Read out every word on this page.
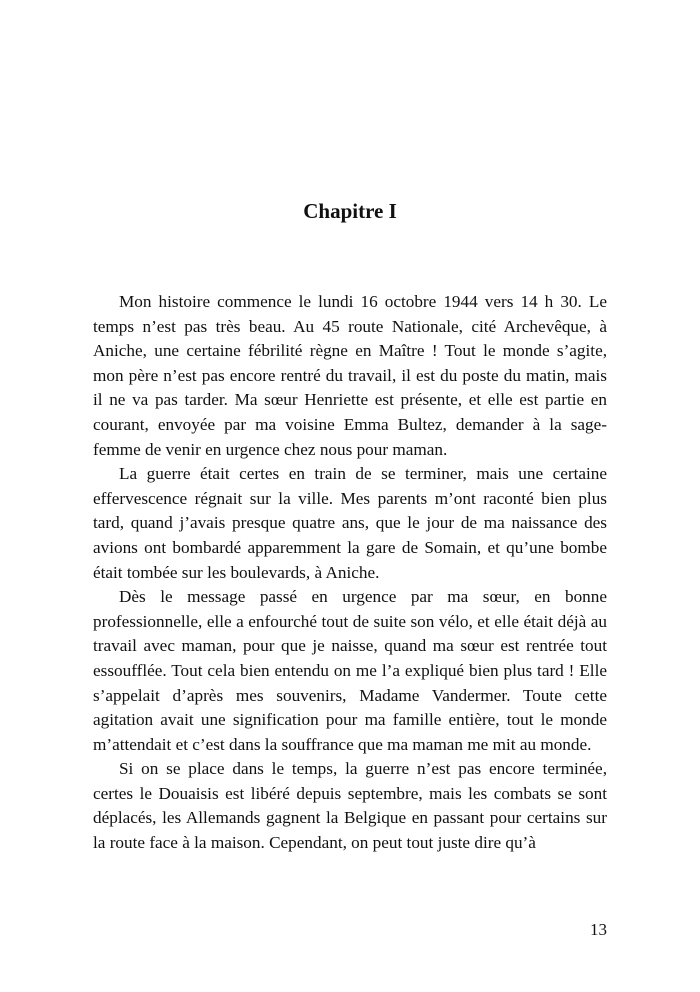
Chapitre I

Mon histoire commence le lundi 16 octobre 1944 vers 14 h 30. Le temps n’est pas très beau. Au 45 route Nationale, cité Archevêque, à Aniche, une certaine fébrilité règne en Maître ! Tout le monde s’agite, mon père n’est pas encore rentré du travail, il est du poste du matin, mais il ne va pas tarder. Ma sœur Henriette est présente, et elle est partie en courant, envoyée par ma voisine Emma Bultez, demander à la sage-femme de venir en urgence chez nous pour maman.

La guerre était certes en train de se terminer, mais une certaine effervescence régnait sur la ville. Mes parents m’ont raconté bien plus tard, quand j’avais presque quatre ans, que le jour de ma naissance des avions ont bombardé apparemment la gare de Somain, et qu’une bombe était tombée sur les boulevards, à Aniche.

Dès le message passé en urgence par ma sœur, en bonne professionnelle, elle a enfourché tout de suite son vélo, et elle était déjà au travail avec maman, pour que je naisse, quand ma sœur est rentrée tout essoufflée. Tout cela bien entendu on me l’a expliqué bien plus tard ! Elle s’appelait d’après mes souvenirs, Madame Vandermer. Toute cette agitation avait une signification pour ma famille entière, tout le monde m’attendait et c’est dans la souffrance que ma maman me mit au monde.

Si on se place dans le temps, la guerre n’est pas encore terminée, certes le Douaisis est libéré depuis septembre, mais les combats se sont déplacés, les Allemands gagnent la Belgique en passant pour certains sur la route face à la maison. Cependant, on peut tout juste dire qu’à

13
